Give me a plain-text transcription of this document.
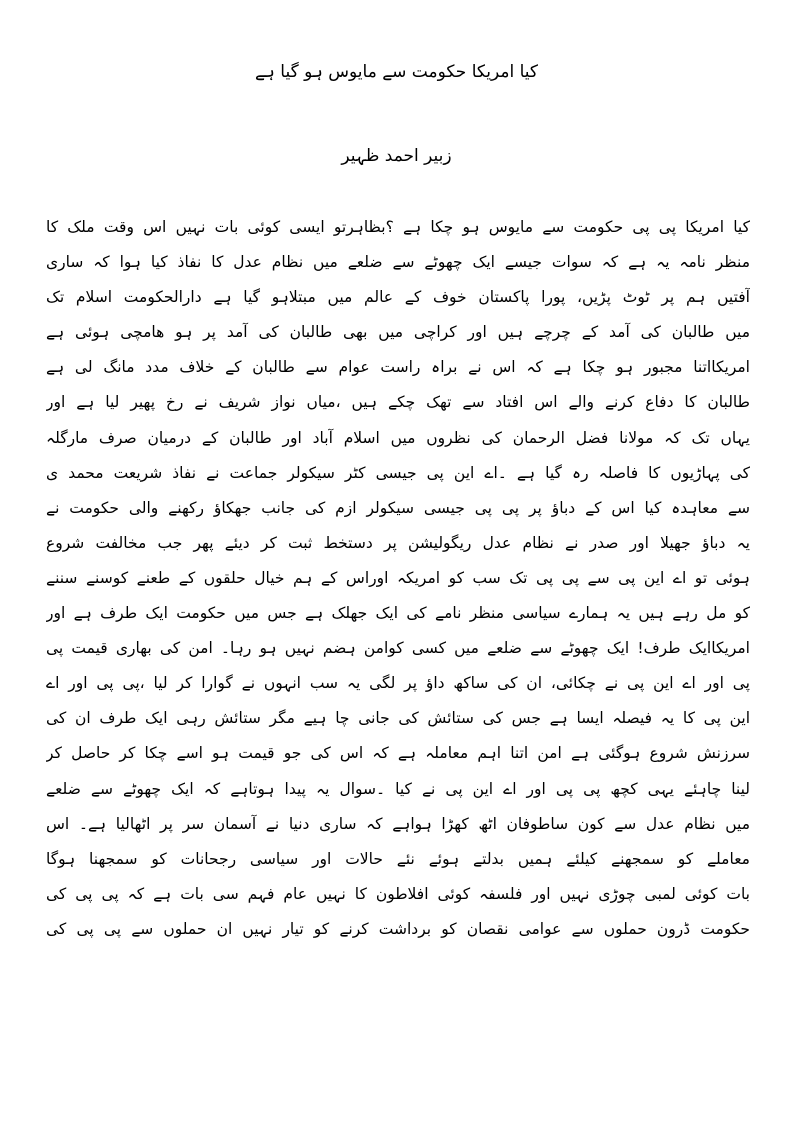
کیا امریکا حکومت سے مایوس ہو گیا ہے
زبیر احمد ظہیر
کیا امریکا پی پی حکومت سے مایوس ہو چکا ہے ؟بظاہرتو ایسی کوئی بات نہیں اس وقت ملک کا
منظر نامہ یہ ہے کہ سوات جیسے ایک چھوٹے سے ضلعے میں نظام عدل کا نفاذ کیا ہوا کہ ساری
آفتیں ہم پر ٹوٹ پڑیں، پورا پاکستان خوف کے عالم میں مبتلاہو گیا ہے دارالحکومت اسلام تک
میں طالبان کی آمد کے چرچے ہیں اور کراچی میں بھی طالبان کی آمد پر ہو ھامچی ہوئی ہے
امریکااتنا مجبور ہو چکا ہے کہ اس نے براہ راست عوام سے طالبان کے خلاف مدد مانگ لی ہے
طالبان کا دفاع کرنے والے اس افتاد سے تھک چکے ہیں ،میاں نواز شریف نے رخ پھیر لیا ہے اور
یہاں تک کہ مولانا فضل الرحمان کی نظروں میں اسلام آباد اور طالبان کے درمیان صرف مارگلہ
کی پہاڑیوں کا فاصلہ رہ گیا ہے ۔اے این پی جیسی کٹر سیکولر جماعت نے نفاذ شریعت محمد ی
سے معاہدہ کیا اس کے دباؤ پر پی پی جیسی سیکولر ازم کی جانب جھکاؤ رکھنے والی حکومت نے
یہ دباؤ جھیلا اور صدر نے نظام عدل ریگولیشن پر دستخط ثبت کر دیئے پھر جب مخالفت شروع
ہوئی تو اے این پی سے پی پی تک سب کو امریکہ اوراس کے ہم خیال حلقوں کے طعنے کوسنے سننے
کو مل رہے ہیں یہ ہمارے سیاسی منظر نامے کی ایک جھلک ہے جس میں حکومت ایک طرف ہے اور
امریکاایک طرف! ایک چھوٹے سے ضلعے میں کسی کوامن ہضم نہیں ہو رہا۔ امن کی بھاری قیمت پی
پی اور اے این پی نے چکائی، ان کی ساکھ داؤ پر لگی یہ سب انہوں نے گوارا کر لیا ،پی پی اور اے
این پی کا یہ فیصلہ ایسا ہے جس کی ستائش کی جانی چا ہیے مگر ستائش رہی ایک طرف ان کی
سرزنش شروع ہوگئی ہے امن اتنا اہم معاملہ ہے کہ اس کی جو قیمت ہو اسے چکا کر حاصل کر
لینا چاہئے یہی کچھ پی پی اور اے این پی نے کیا ۔سوال یہ پیدا ہوتاہے کہ ایک چھوٹے سے ضلعے
میں نظام عدل سے کون ساطوفان اٹھ کھڑا ہواہے کہ ساری دنیا نے آسمان سر پر اٹھالیا ہے۔ اس
معاملے کو سمجھنے کیلئے ہمیں بدلتے ہوئے نئے حالات اور سیاسی رجحانات کو سمجھنا ہوگا
بات کوئی لمبی چوڑی نہیں اور فلسفہ کوئی افلاطون کا نہیں عام فہم سی بات ہے کہ پی پی کی
حکومت ڈرون حملوں سے عوامی نقصان کو برداشت کرنے کو تیار نہیں ان حملوں سے پی پی کی
